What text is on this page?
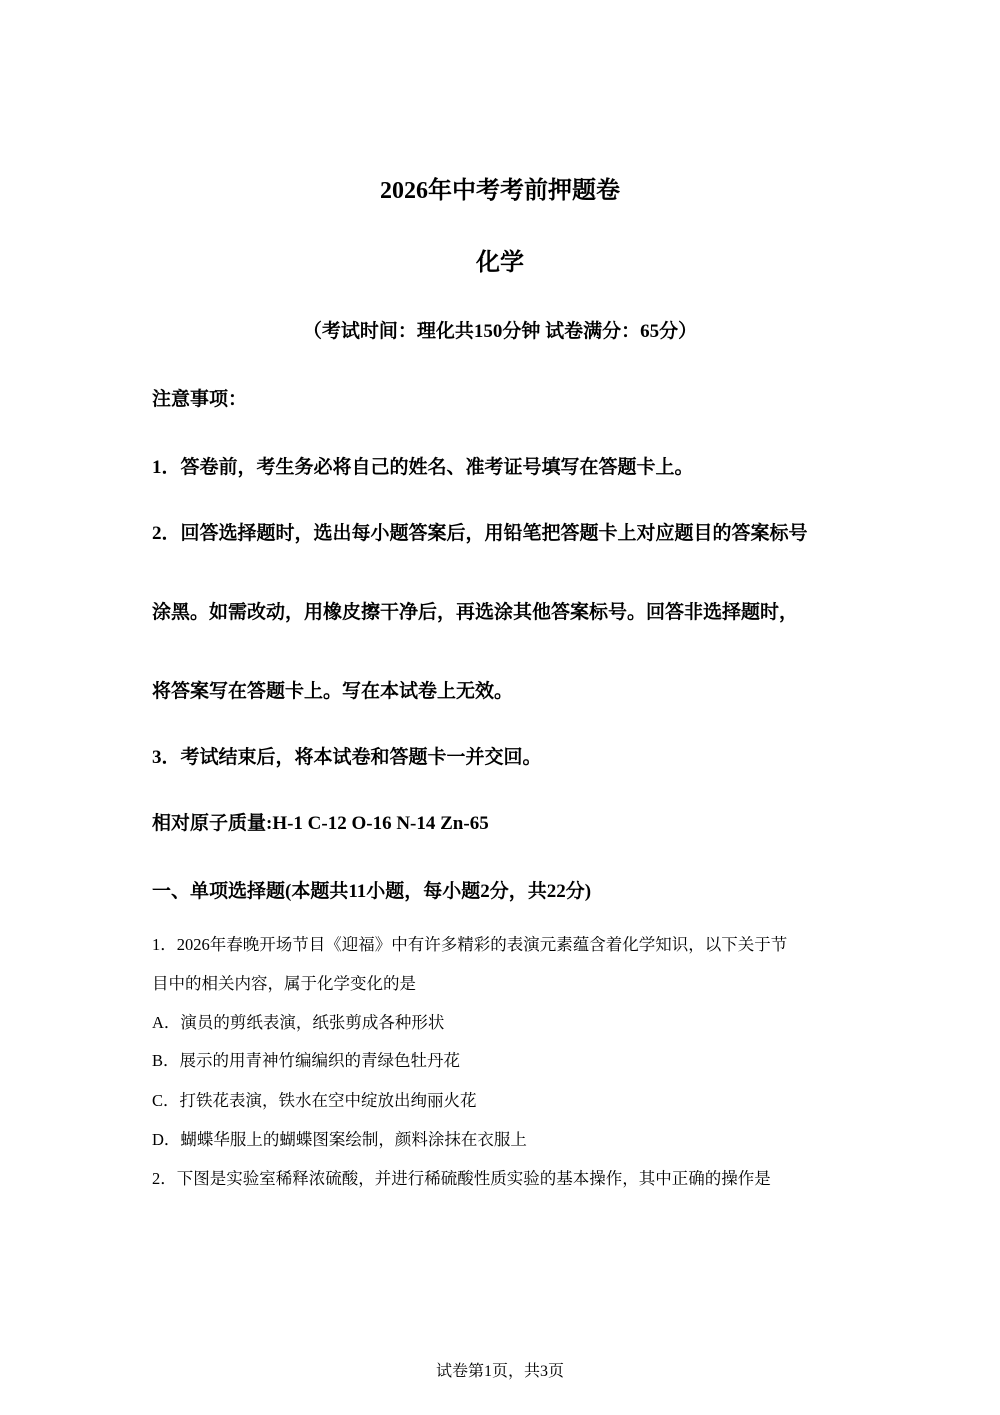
2026年中考考前押题卷
化学
（考试时间：理化共150分钟 试卷满分：65分）
注意事项：
1．答卷前，考生务必将自己的姓名、准考证号填写在答题卡上。
2．回答选择题时，选出每小题答案后，用铅笔把答题卡上对应题目的答案标号
涂黑。如需改动，用橡皮擦干净后，再选涂其他答案标号。回答非选择题时，
将答案写在答题卡上。写在本试卷上无效。
3．考试结束后，将本试卷和答题卡一并交回。
相对原子质量:H-1 C-12 O-16 N-14 Zn-65
一、单项选择题(本题共11小题，每小题2分，共22分)
1．2026年春晚开场节目《迎福》中有许多精彩的表演元素蕴含着化学知识，以下关于节
目中的相关内容，属于化学变化的是
A．演员的剪纸表演，纸张剪成各种形状
B．展示的用青神竹编编织的青绿色牡丹花
C．打铁花表演，铁水在空中绽放出绚丽火花
D．蝴蝶华服上的蝴蝶图案绘制，颜料涂抹在衣服上
2．下图是实验室稀释浓硫酸，并进行稀硫酸性质实验的基本操作，其中正确的操作是
试卷第1页，共3页
